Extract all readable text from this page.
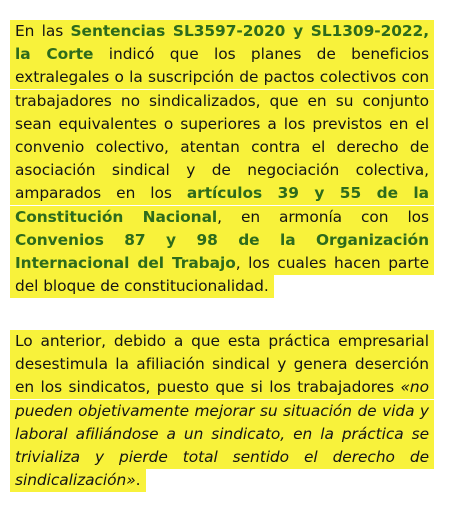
En las Sentencias SL3597-2020 y SL1309-2022, la Corte indicó que los planes de beneficios extralegales o la suscripción de pactos colectivos con trabajadores no sindicalizados, que en su conjunto sean equivalentes o superiores a los previstos en el convenio colectivo, atentan contra el derecho de asociación sindical y de negociación colectiva, amparados en los artículos 39 y 55 de la Constitución Nacional, en armonía con los Convenios 87 y 98 de la Organización Internacional del Trabajo, los cuales hacen parte del bloque de constitucionalidad.

Lo anterior, debido a que esta práctica empresarial desestimula la afiliación sindical y genera deserción en los sindicatos, puesto que si los trabajadores «no pueden objetivamente mejorar su situación de vida y laboral afiliándose a un sindicato, en la práctica se trivializa y pierde total sentido el derecho de sindicalización».
